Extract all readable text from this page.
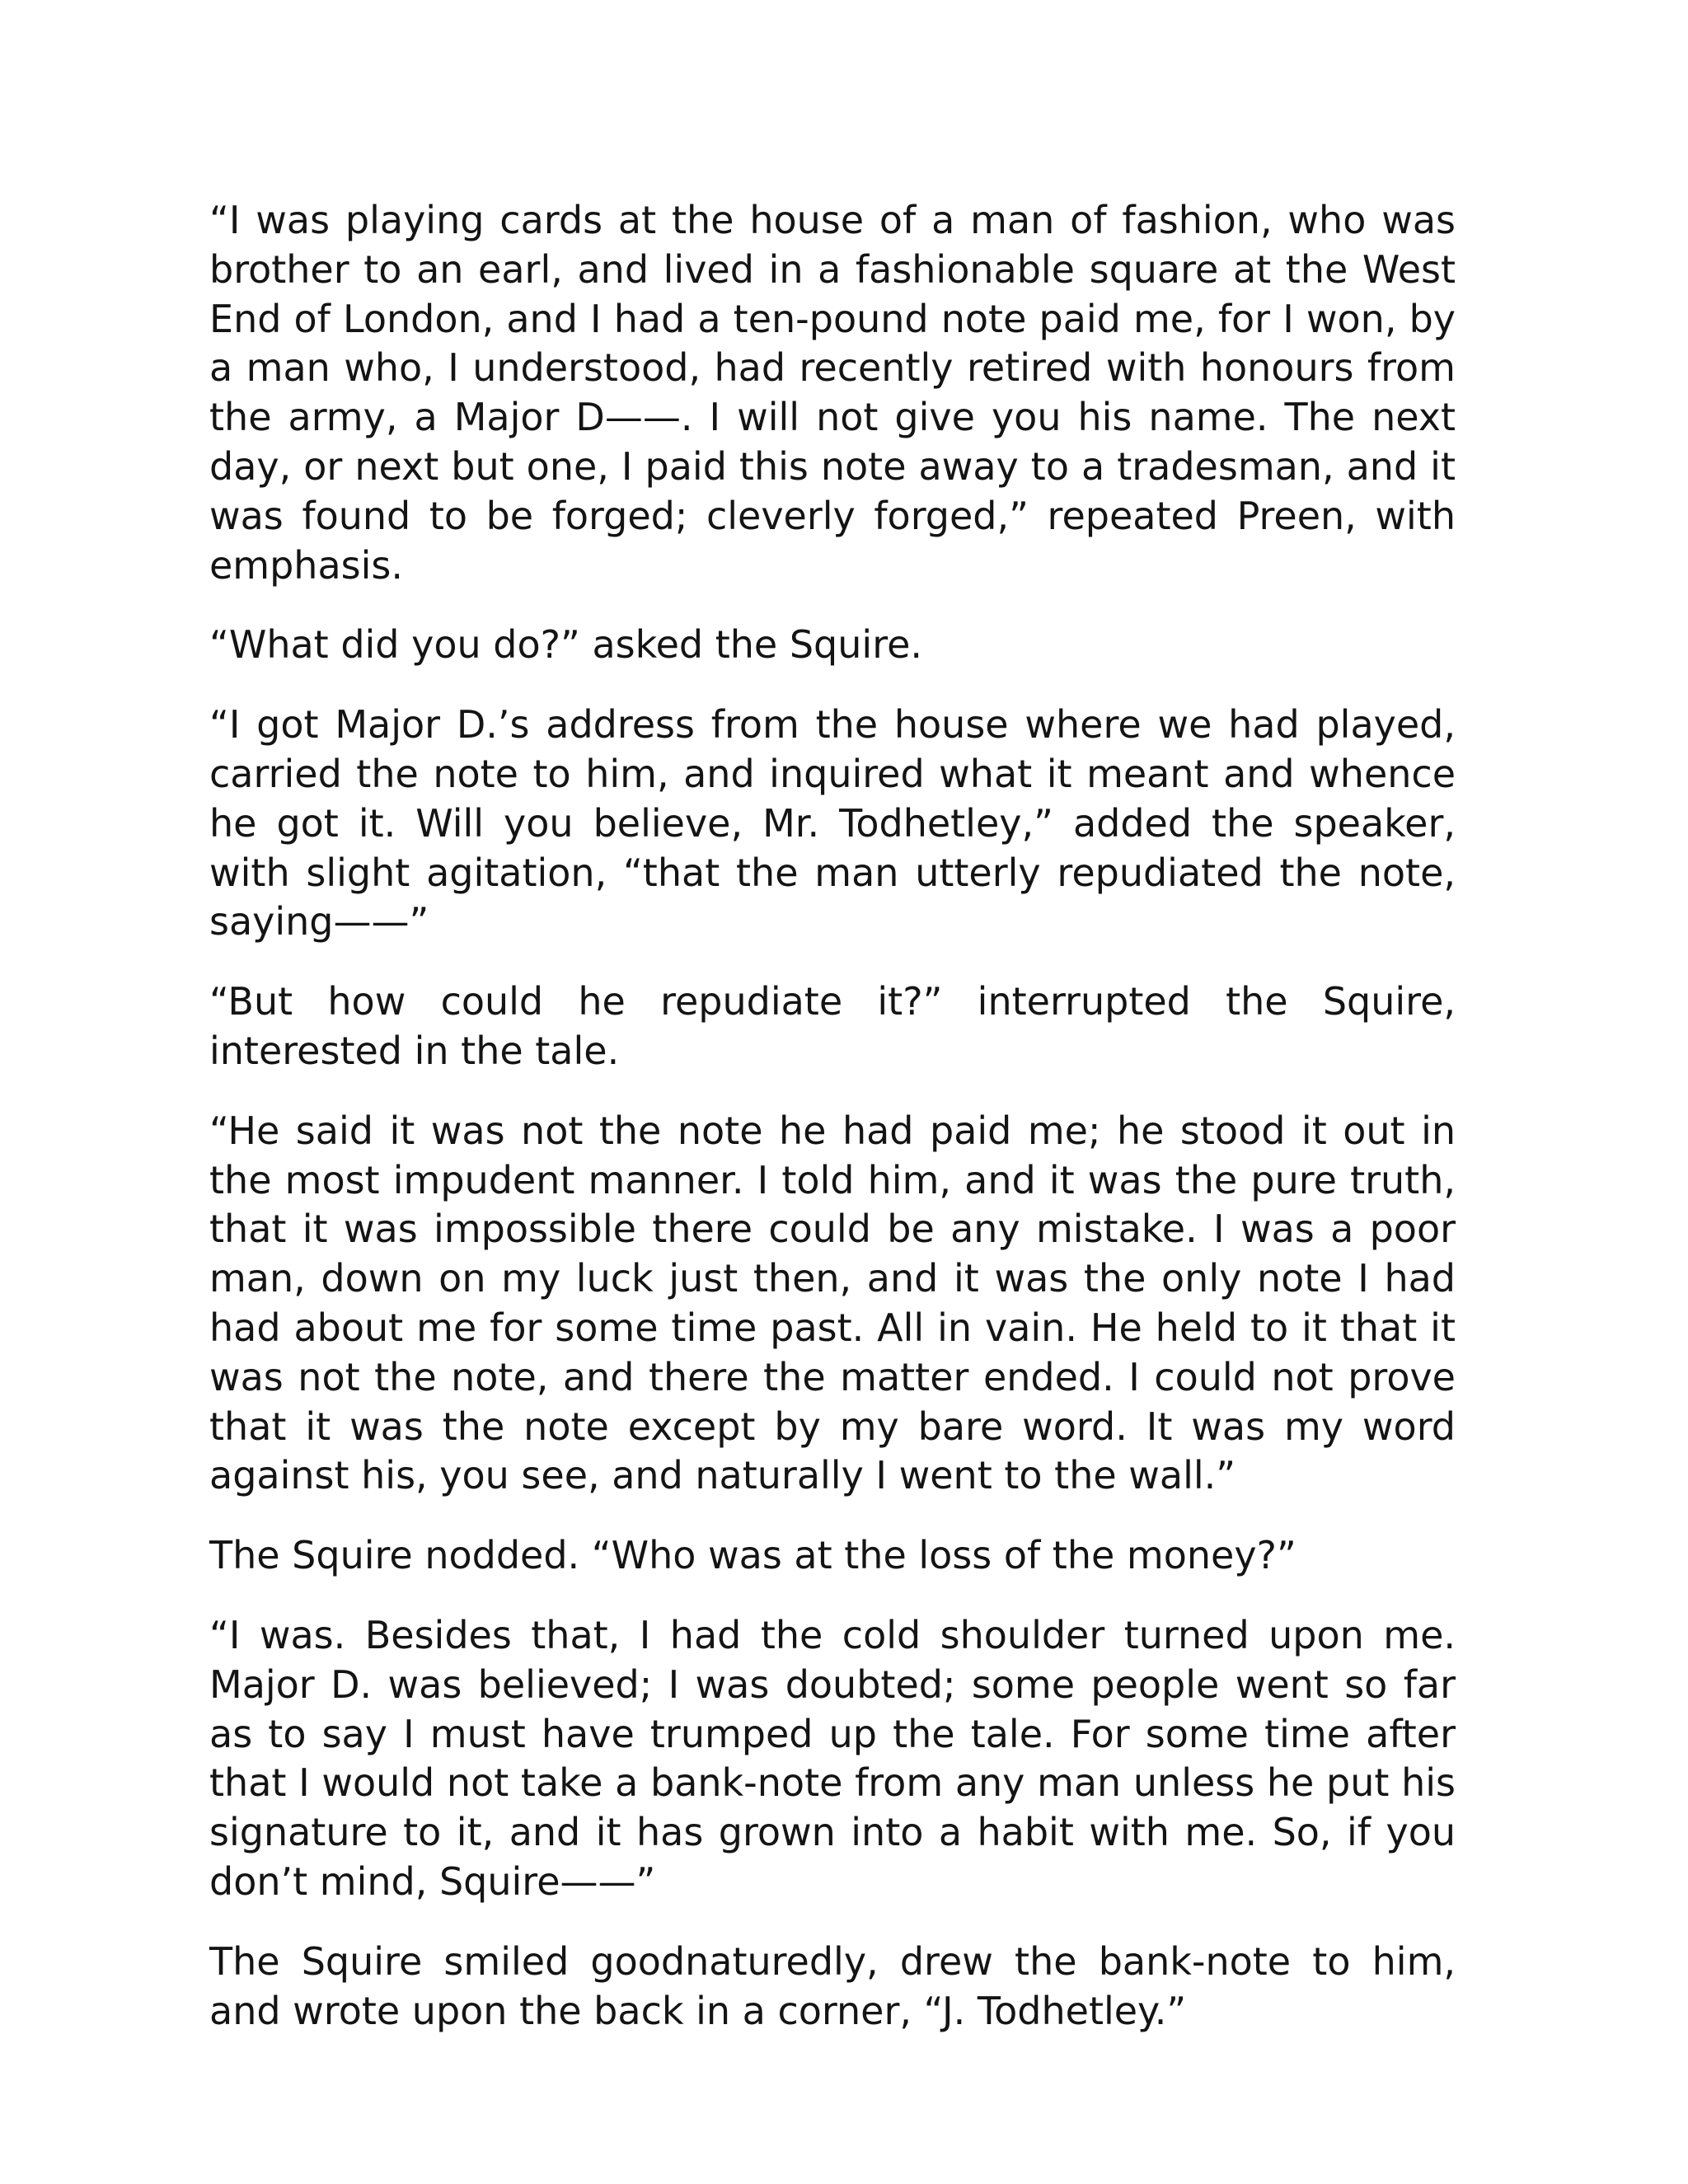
“I was playing cards at the house of a man of fashion, who was brother to an earl, and lived in a fashionable square at the West End of London, and I had a ten-pound note paid me, for I won, by a man who, I understood, had recently retired with honours from the army, a Major D——. I will not give you his name. The next day, or next but one, I paid this note away to a tradesman, and it was found to be forged; cleverly forged,” repeated Preen, with emphasis.

“What did you do?” asked the Squire.

“I got Major D.’s address from the house where we had played, carried the note to him, and inquired what it meant and whence he got it. Will you believe, Mr. Todhetley,” added the speaker, with slight agitation, “that the man utterly repudiated the note, saying——”

“But how could he repudiate it?” interrupted the Squire, interested in the tale.

“He said it was not the note he had paid me; he stood it out in the most impudent manner. I told him, and it was the pure truth, that it was impossible there could be any mistake. I was a poor man, down on my luck just then, and it was the only note I had had about me for some time past. All in vain. He held to it that it was not the note, and there the matter ended. I could not prove that it was the note except by my bare word. It was my word against his, you see, and naturally I went to the wall.”

The Squire nodded. “Who was at the loss of the money?”

“I was. Besides that, I had the cold shoulder turned upon me. Major D. was believed; I was doubted; some people went so far as to say I must have trumped up the tale. For some time after that I would not take a bank-note from any man unless he put his signature to it, and it has grown into a habit with me. So, if you don’t mind, Squire——”

The Squire smiled goodnaturedly, drew the bank-note to him, and wrote upon the back in a corner, “J. Todhetley.”
